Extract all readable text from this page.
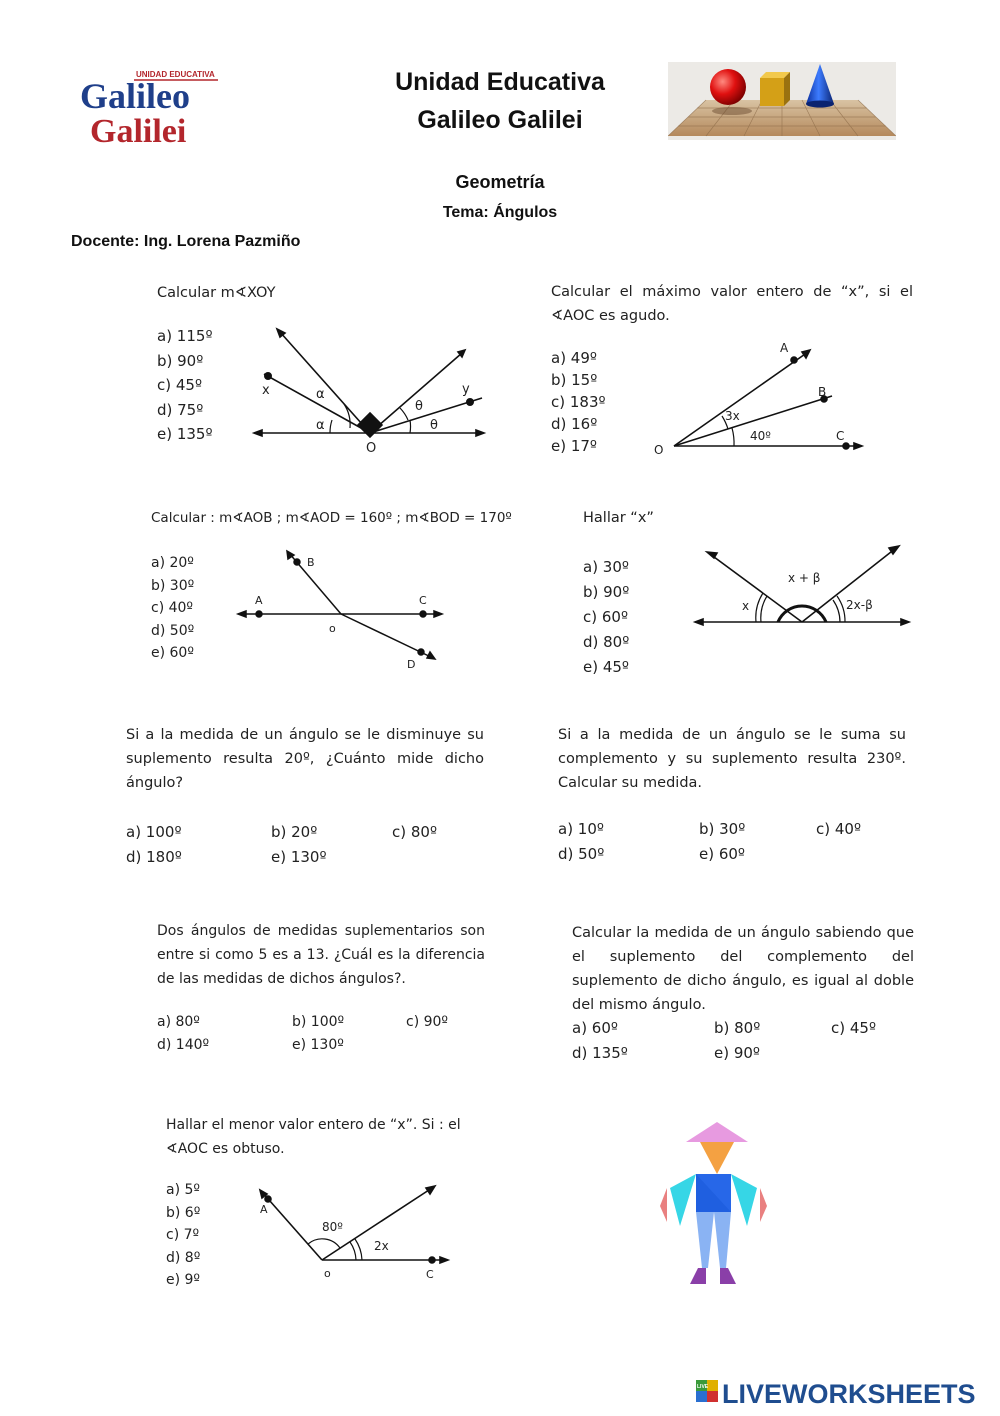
UNIDAD EDUCATIVA
Galileo
Galilei
Unidad Educativa
Galileo Galilei
Geometría
Tema: Ángulos
Docente: Ing. Lorena Pazmiño
Calcular m∢XOY
a) 115º
b) 90º
c) 45º
d) 75º
e) 135º
x	y
O
α
α
θ
θ
Calcular el máximo valor entero de “x”, si el ∢AOC es agudo.
a) 49º
b) 15º
c) 183º
d) 16º
e) 17º
A
B
C
O
3x
40º
Calcular : m∢AOB ; m∢AOD = 160º ; m∢BOD = 170º
a) 20º
b) 30º
c) 40º
d) 50º
e) 60º
A
B
C
o
D
Hallar “x”
a) 30º
b) 90º
c) 60º
d) 80º
e) 45º
x
x + β
2x-β
Si a la medida de un ángulo se le disminuye su suplemento resulta 20º, ¿Cuánto mide dicho ángulo?
a) 100º	b) 20º	c) 80º
d) 180º	e) 130º
Si a la medida de un ángulo se le suma su complemento y su suplemento resulta 230º. Calcular su medida.
a) 10º	b) 30º	c) 40º
d) 50º	e) 60º
Dos ángulos de medidas suplementarios son entre si como 5 es a 13. ¿Cuál es la diferencia de las medidas de dichos ángulos?.
a) 80º	b) 100º	c) 90º
d) 140º	e) 130º
Calcular la medida de un ángulo sabiendo que el suplemento del complemento del suplemento de dicho ángulo, es igual al doble del mismo ángulo.
a) 60º	b) 80º	c) 45º
d) 135º	e) 90º
Hallar el menor valor entero de “x”. Si : el ∢AOC es obtuso.
a) 5º
b) 6º
c) 7º
d) 8º
e) 9º
A
o	C
80º
2x
LIVE LIVEWORKSHEETS
